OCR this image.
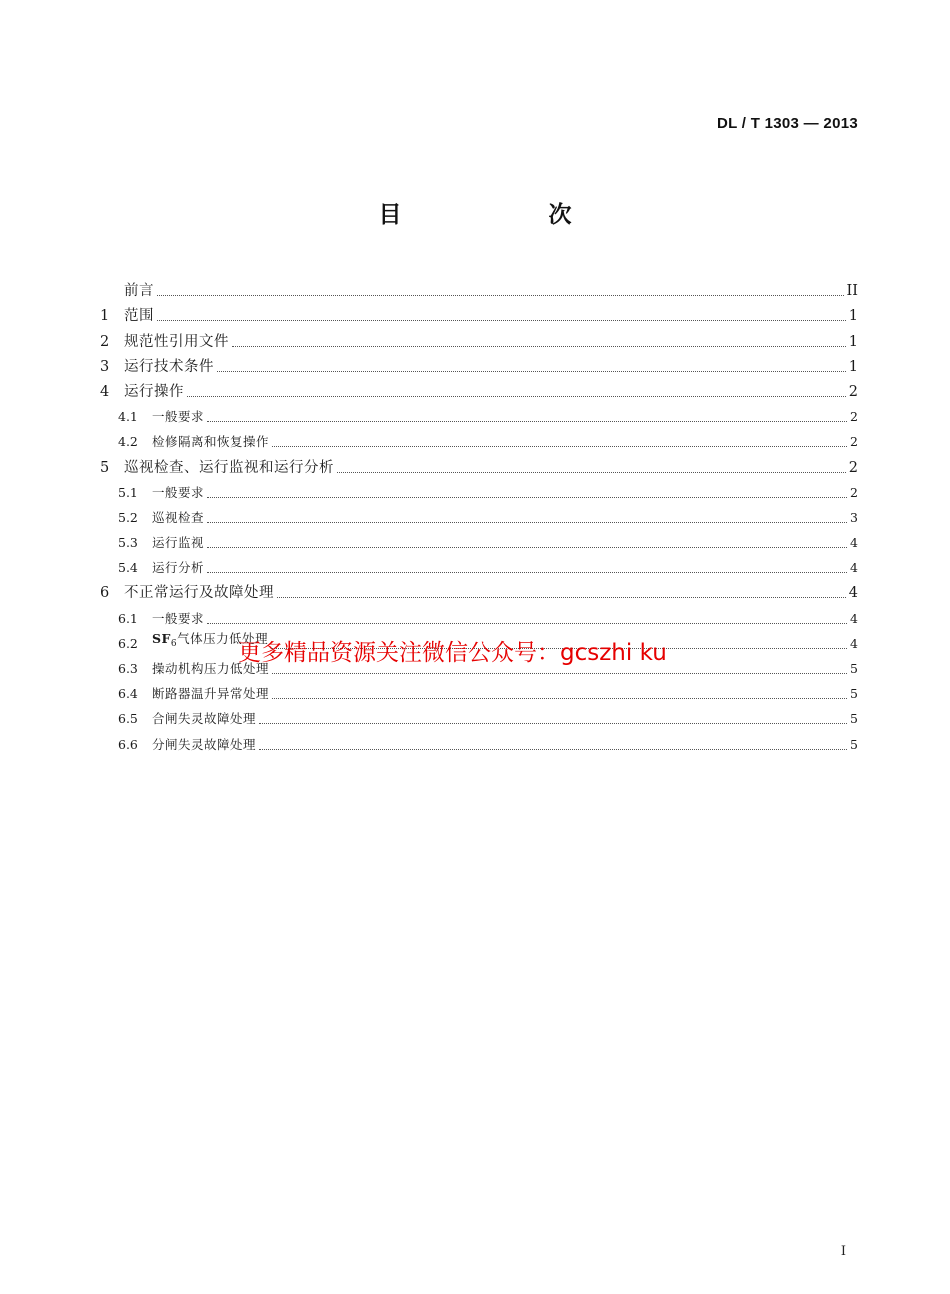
DL / T 1303 — 2013
目　次
前言	II
1	范围	1
2	规范性引用文件	1
3	运行技术条件	1
4	运行操作	2
4.1	一般要求	2
4.2	检修隔离和恢复操作	2
5	巡视检查、运行监视和运行分析	2
5.1	一般要求	2
5.2	巡视检查	3
5.3	运行监视	4
5.4	运行分析	4
6	不正常运行及故障处理	4
6.1	一般要求	4
6.2	$SF_6$气体压力低处理	4
6.3	操动机构压力低处理	5
6.4	断路器温升异常处理	5
6.5	合闸失灵故障处理	5
6.6	分闸失灵故障处理	5
更多精品资源关注微信公众号：gcszhi ku
I
